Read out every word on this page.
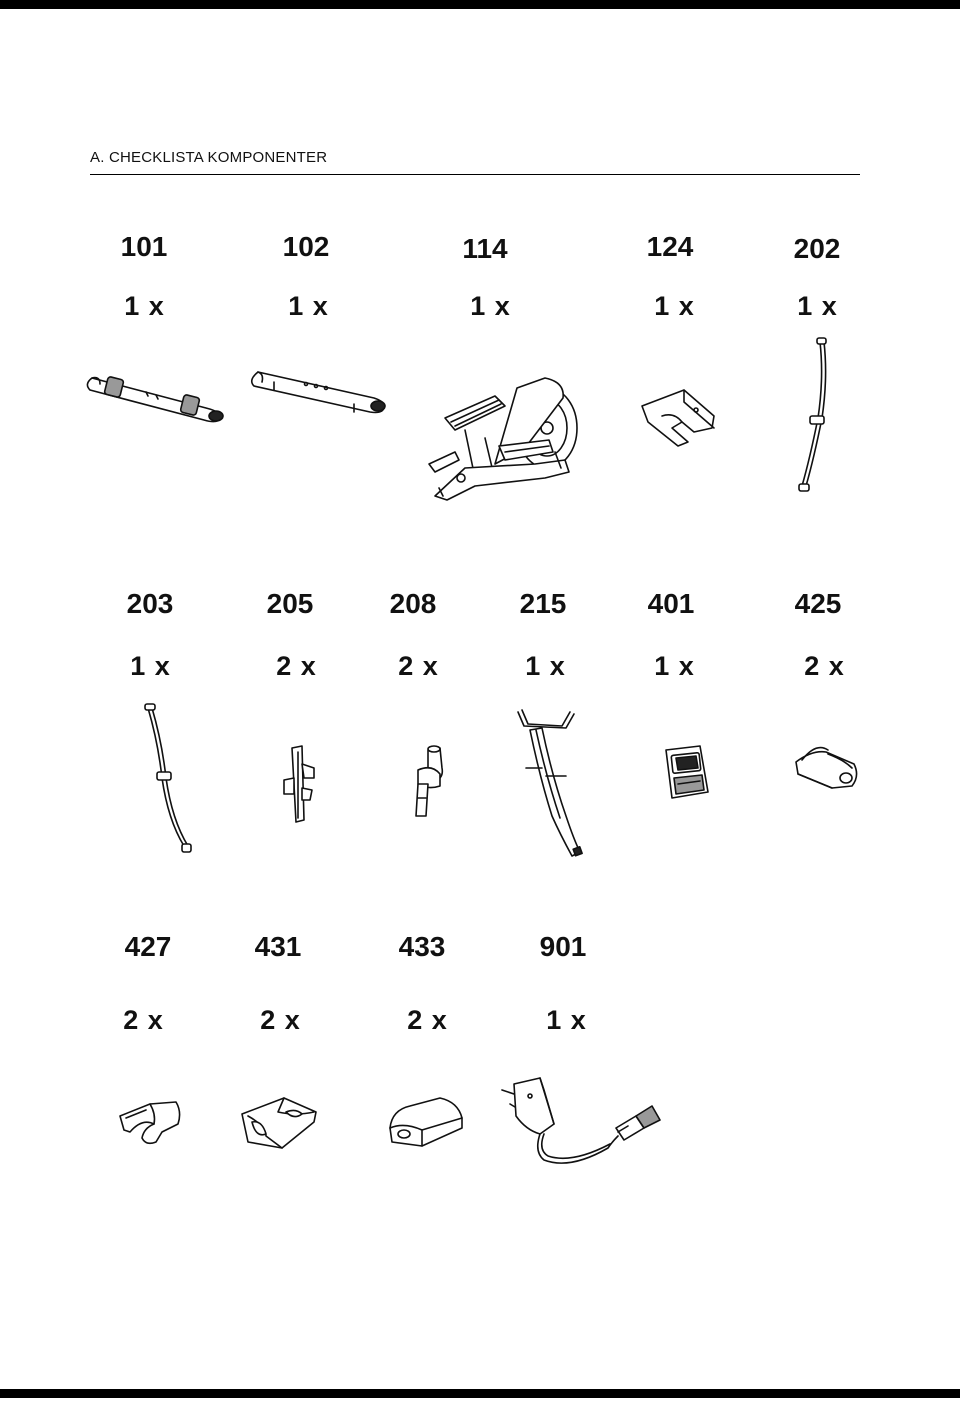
A. CHECKLISTA KOMPONENTER
101
1 x
102
1 x
114
1 x
124
1 x
202
1 x
203
1 x
205
2 x
208
2 x
215
1 x
401
1 x
425
2 x
427
2 x
431
2 x
433
2 x
901
1 x
